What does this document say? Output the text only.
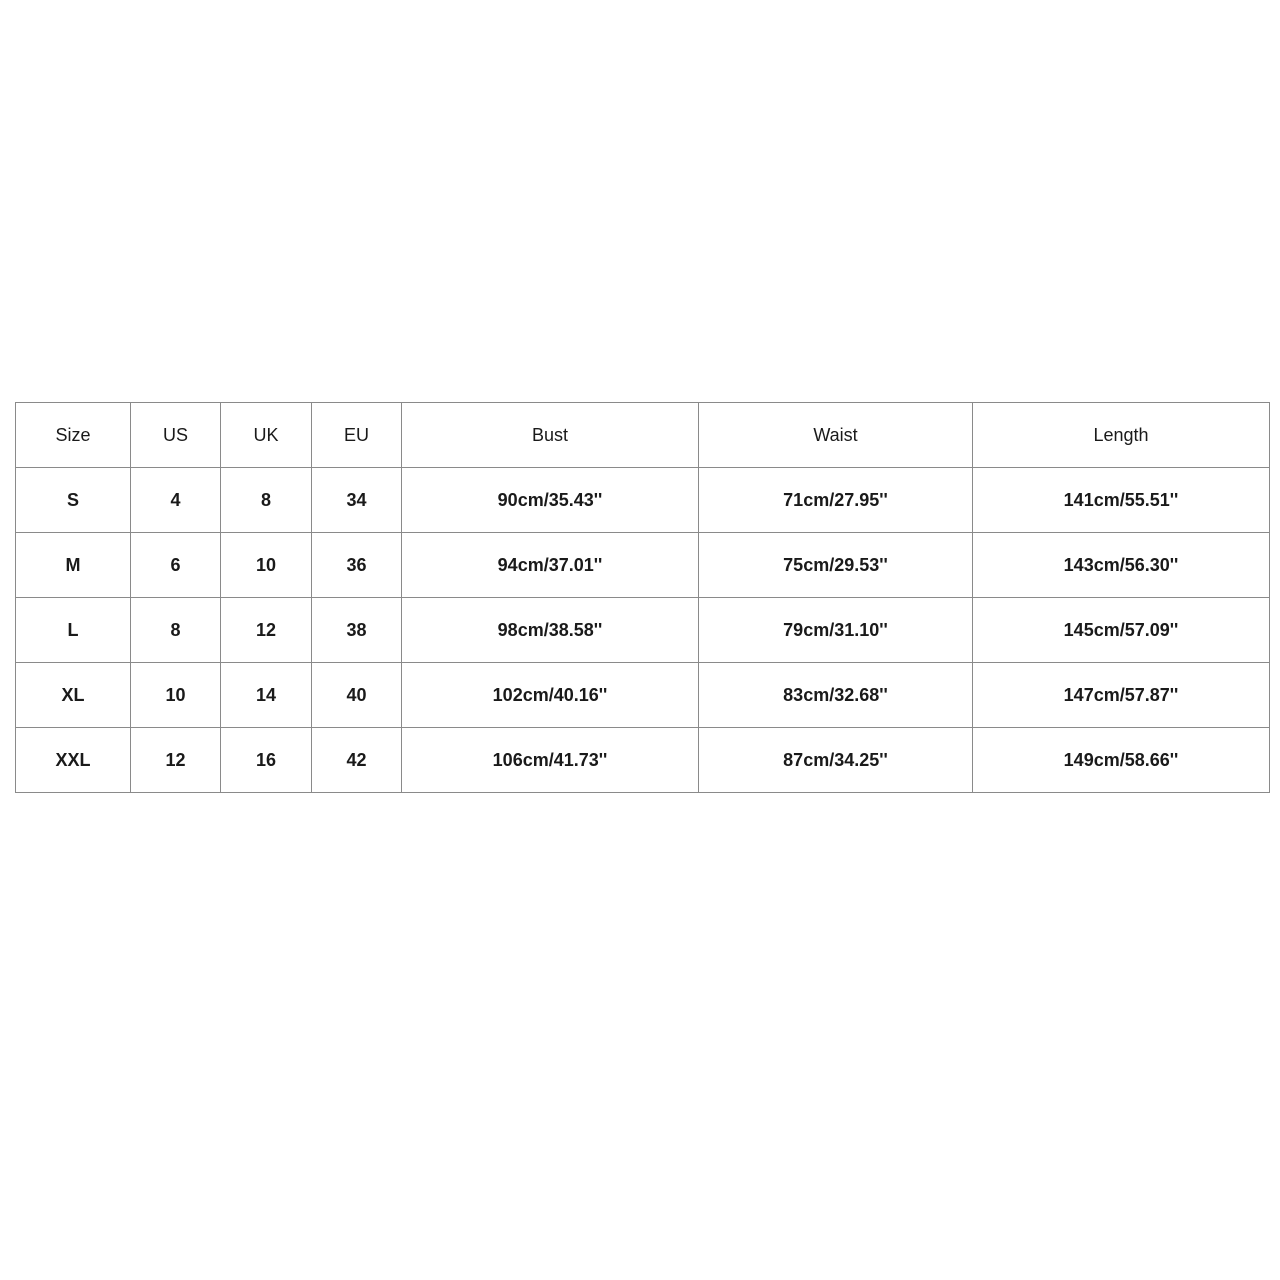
Size	US	UK	EU	Bust	Waist	Length
S	4	8	34	90cm/35.43''	71cm/27.95''	141cm/55.51''
M	6	10	36	94cm/37.01''	75cm/29.53''	143cm/56.30''
L	8	12	38	98cm/38.58''	79cm/31.10''	145cm/57.09''
XL	10	14	40	102cm/40.16''	83cm/32.68''	147cm/57.87''
XXL	12	16	42	106cm/41.73''	87cm/34.25''	149cm/58.66''
